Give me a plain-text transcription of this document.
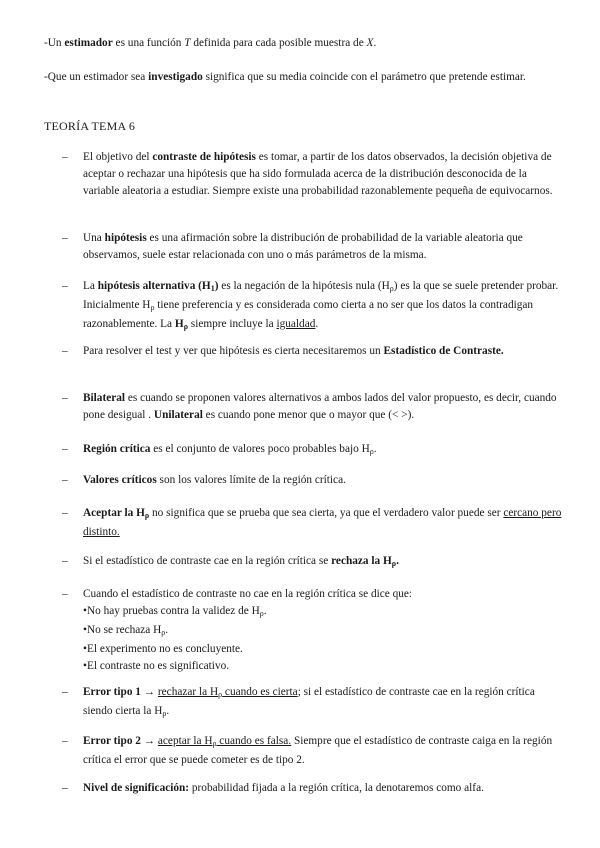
-Un estimador es una función T definida para cada posible muestra de X.
-Que un estimador sea investigado significa que su media coincide con el parámetro que pretende estimar.
TEORÍA TEMA 6
–	El objetivo del contraste de hipótesis es tomar, a partir de los datos observados, la decisión objetiva de aceptar o rechazar una hipótesis que ha sido formulada acerca de la distribución desconocida de la variable aleatoria a estudiar. Siempre existe una probabilidad razonablemente pequeña de equivocarnos.
–	Una hipótesis es una afirmación sobre la distribución de probabilidad de la variable aleatoria que observamos, suele estar relacionada con uno o más parámetros de la misma.
–	La hipótesis alternativa $(H_1)$ es la negación de la hipótesis nula $(H_\rho)$ es la que se suele pretender probar. Inicialmente $H_\rho$ tiene preferencia y es considerada como cierta a no ser que los datos la contradigan razonablemente. La $H_\rho$ siempre incluye la igualdad.
–	Para resolver el test y ver que hipótesis es cierta necesitaremos un Estadístico de Contraste.
–	Bilateral es cuando se proponen valores alternativos a ambos lados del valor propuesto, es decir, cuando pone desigual . Unilateral es cuando pone menor que o mayor que (< >).
–	Región crítica es el conjunto de valores poco probables bajo $H_\rho$.
–	Valores críticos son los valores límite de la región crítica.
–	Aceptar la $H_\rho$ no significa que se prueba que sea cierta, ya que el verdadero valor puede ser cercano pero distinto.
–	Si el estadístico de contraste cae en la región crítica se rechaza la $H_\rho$.
–	Cuando el estadístico de contraste no cae en la región crítica se dice que:
•No hay pruebas contra la validez de $H_\rho$.
•No se rechaza $H_\rho$.
•El experimento no es concluyente.
•El contraste no es significativo.
–	Error tipo 1 → rechazar la $H_\rho$ cuando es cierta; si el estadístico de contraste cae en la región crítica siendo cierta la $H_\rho$.
–	Error tipo 2 → aceptar la $H_\rho$ cuando es falsa. Siempre que el estadístico de contraste caiga en la región crítica el error que se puede cometer es de tipo 2.
–	Nivel de significación: probabilidad fijada a la región crítica, la denotaremos como alfa.
